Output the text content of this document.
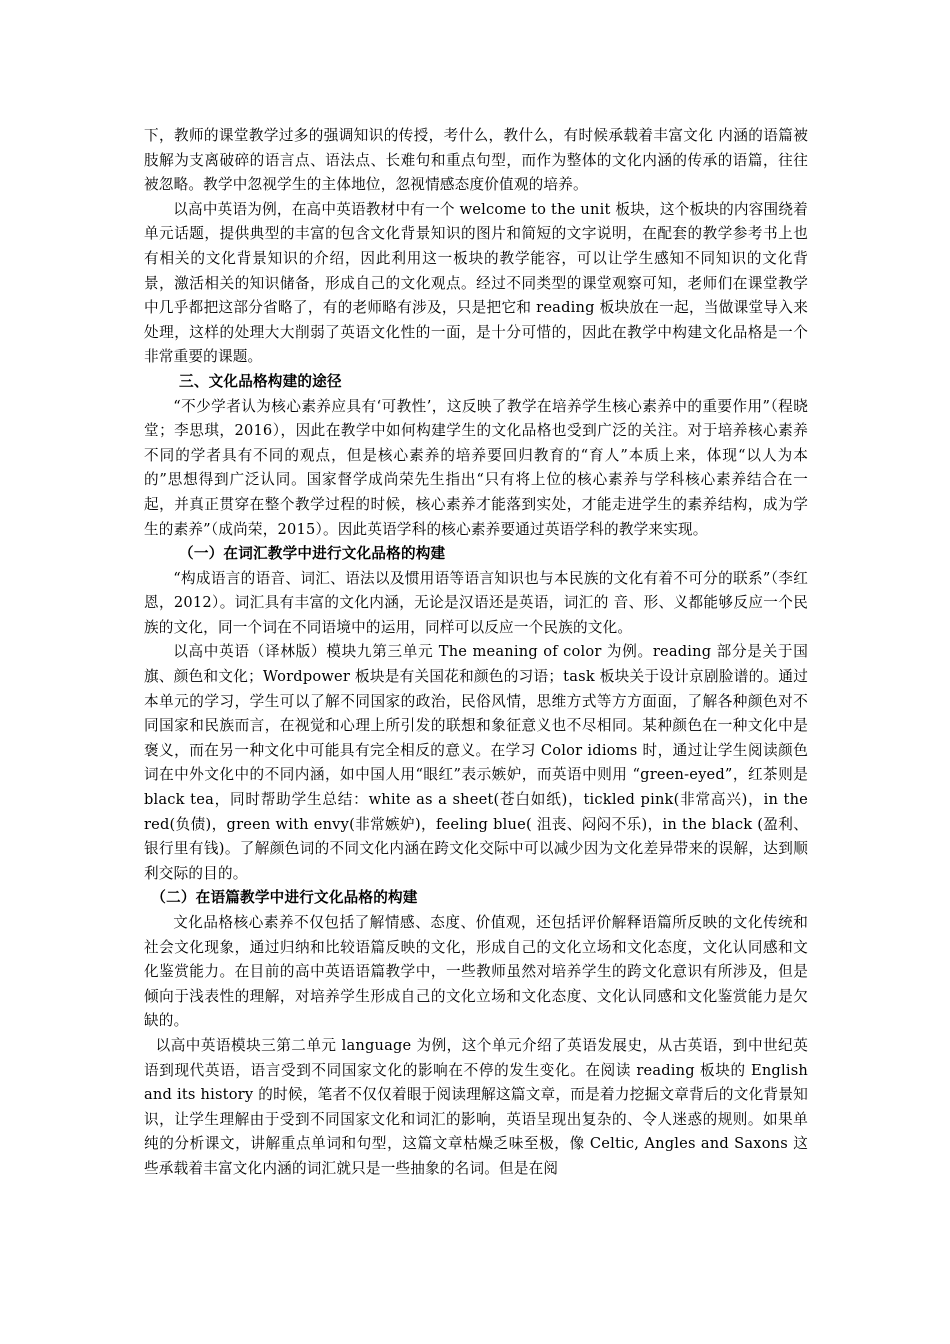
下，教师的课堂教学过多的强调知识的传授，考什么，教什么，有时候承载着丰富文化 内涵的语篇被肢解为支离破碎的语言点、语法点、长难句和重点句型，而作为整体的文化内涵的传承的语篇，往往被忽略。教学中忽视学生的主体地位，忽视情感态度价值观的培养。

以高中英语为例，在高中英语教材中有一个 welcome to the unit 板块，这个板块的内容围绕着单元话题，提供典型的丰富的包含文化背景知识的图片和简短的文字说明，在配套的教学参考书上也有相关的文化背景知识的介绍，因此利用这一板块的教学能容，可以让学生感知不同知识的文化背景，激活相关的知识储备，形成自己的文化观点。经过不同类型的课堂观察可知，老师们在课堂教学中几乎都把这部分省略了，有的老师略有涉及，只是把它和 reading 板块放在一起，当做课堂导入来处理，这样的处理大大削弱了英语文化性的一面，是十分可惜的，因此在教学中构建文化品格是一个非常重要的课题。

三、文化品格构建的途径

“不少学者认为核心素养应具有‘可教性’，这反映了教学在培养学生核心素养中的重要作用”（程晓堂；李思琪，2016），因此在教学中如何构建学生的文化品格也受到广泛的关注。对于培养核心素养不同的学者具有不同的观点，但是核心素养的培养要回归教育的“育人”本质上来，体现“以人为本的”思想得到广泛认同。国家督学成尚荣先生指出“只有将上位的核心素养与学科核心素养结合在一起，并真正贯穿在整个教学过程的时候，核心素养才能落到实处，才能走进学生的素养结构，成为学生的素养”（成尚荣，2015）。因此英语学科的核心素养要通过英语学科的教学来实现。

（一）在词汇教学中进行文化品格的构建

“构成语言的语音、词汇、语法以及惯用语等语言知识也与本民族的文化有着不可分的联系”（李红恩，2012）。词汇具有丰富的文化内涵，无论是汉语还是英语，词汇的 音、形、义都能够反应一个民族的文化，同一个词在不同语境中的运用，同样可以反应一个民族的文化。

以高中英语（译林版）模块九第三单元 The meaning of color 为例。reading 部分是关于国旗、颜色和文化；Wordpower 板块是有关国花和颜色的习语；task 板块关于设计京剧脸谱的。通过本单元的学习，学生可以了解不同国家的政治，民俗风情，思维方式等方方面面，了解各种颜色对不同国家和民族而言，在视觉和心理上所引发的联想和象征意义也不尽相同。某种颜色在一种文化中是褒义，而在另一种文化中可能具有完全相反的意义。在学习 Color idioms 时，通过让学生阅读颜色词在中外文化中的不同内涵，如中国人用“眼红”表示嫉妒，而英语中则用 “green-eyed”，红茶则是 black tea，同时帮助学生总结：white as a sheet(苍白如纸)，tickled pink(非常高兴)，in the red(负债)，green with envy(非常嫉妒)，feeling blue( 沮丧、闷闷不乐)，in the black (盈利、银行里有钱)。了解颜色词的不同文化内涵在跨文化交际中可以减少因为文化差异带来的误解，达到顺利交际的目的。

（二）在语篇教学中进行文化品格的构建

文化品格核心素养不仅包括了解情感、态度、价值观，还包括评价解释语篇所反映的文化传统和社会文化现象，通过归纳和比较语篇反映的文化，形成自己的文化立场和文化态度，文化认同感和文化鉴赏能力。在目前的高中英语语篇教学中，一些教师虽然对培养学生的跨文化意识有所涉及，但是倾向于浅表性的理解，对培养学生形成自己的文化立场和文化态度、文化认同感和文化鉴赏能力是欠缺的。

以高中英语模块三第二单元 language 为例，这个单元介绍了英语发展史，从古英语，到中世纪英语到现代英语，语言受到不同国家文化的影响在不停的发生变化。在阅读 reading 板块的 English and its history 的时候，笔者不仅仅着眼于阅读理解这篇文章，而是着力挖掘文章背后的文化背景知识，让学生理解由于受到不同国家文化和词汇的影响，英语呈现出复杂的、令人迷惑的规则。如果单纯的分析课文，讲解重点单词和句型，这篇文章枯燥乏味至极，像 Celtic, Angles and Saxons 这些承载着丰富文化内涵的词汇就只是一些抽象的名词。但是在阅
